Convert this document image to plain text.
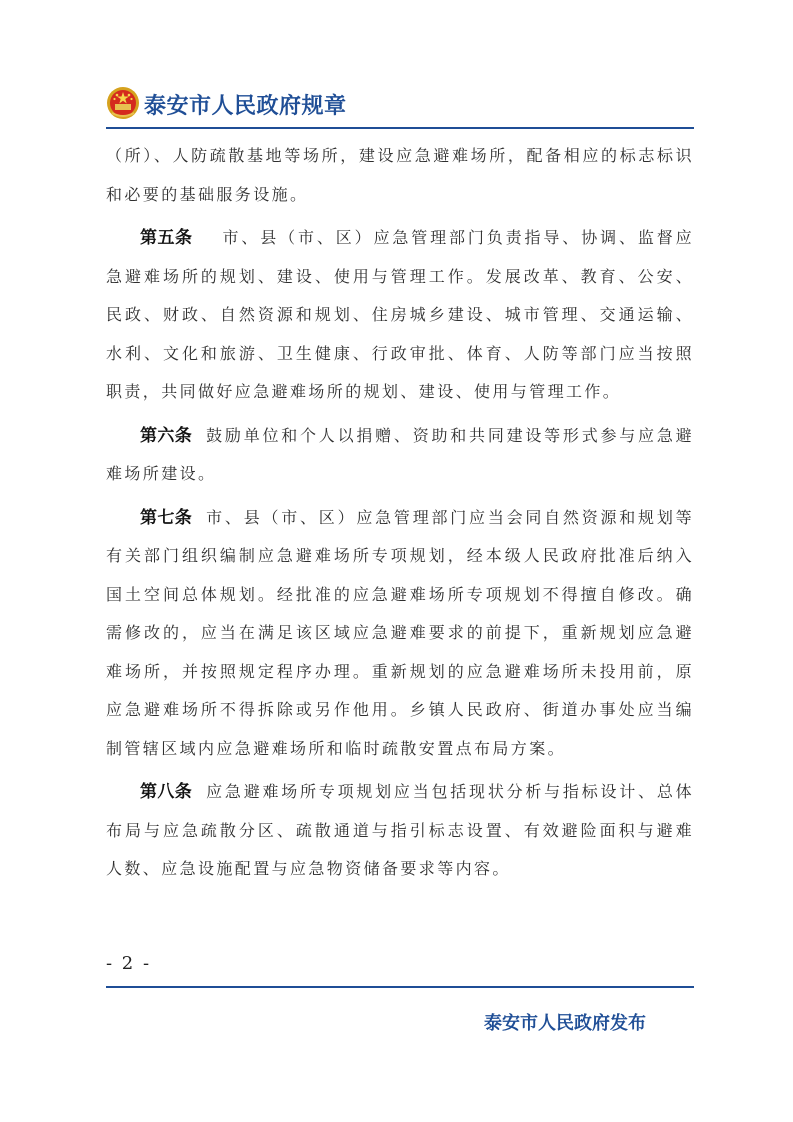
泰安市人民政府规章

（所）、人防疏散基地等场所，建设应急避难场所，配备相应的标志标识和必要的基础服务设施。

第五条 市、县（市、区）应急管理部门负责指导、协调、监督应急避难场所的规划、建设、使用与管理工作。发展改革、教育、公安、民政、财政、自然资源和规划、住房城乡建设、城市管理、交通运输、水利、文化和旅游、卫生健康、行政审批、体育、人防等部门应当按照职责，共同做好应急避难场所的规划、建设、使用与管理工作。

第六条 鼓励单位和个人以捐赠、资助和共同建设等形式参与应急避难场所建设。

第七条 市、县（市、区）应急管理部门应当会同自然资源和规划等有关部门组织编制应急避难场所专项规划，经本级人民政府批准后纳入国土空间总体规划。经批准的应急避难场所专项规划不得擅自修改。确需修改的，应当在满足该区域应急避难要求的前提下，重新规划应急避难场所，并按照规定程序办理。重新规划的应急避难场所未投用前，原应急避难场所不得拆除或另作他用。乡镇人民政府、街道办事处应当编制管辖区域内应急避难场所和临时疏散安置点布局方案。

第八条 应急避难场所专项规划应当包括现状分析与指标设计、总体布局与应急疏散分区、疏散通道与指引标志设置、有效避险面积与避难人数、应急设施配置与应急物资储备要求等内容。

- 2 -
泰安市人民政府发布
